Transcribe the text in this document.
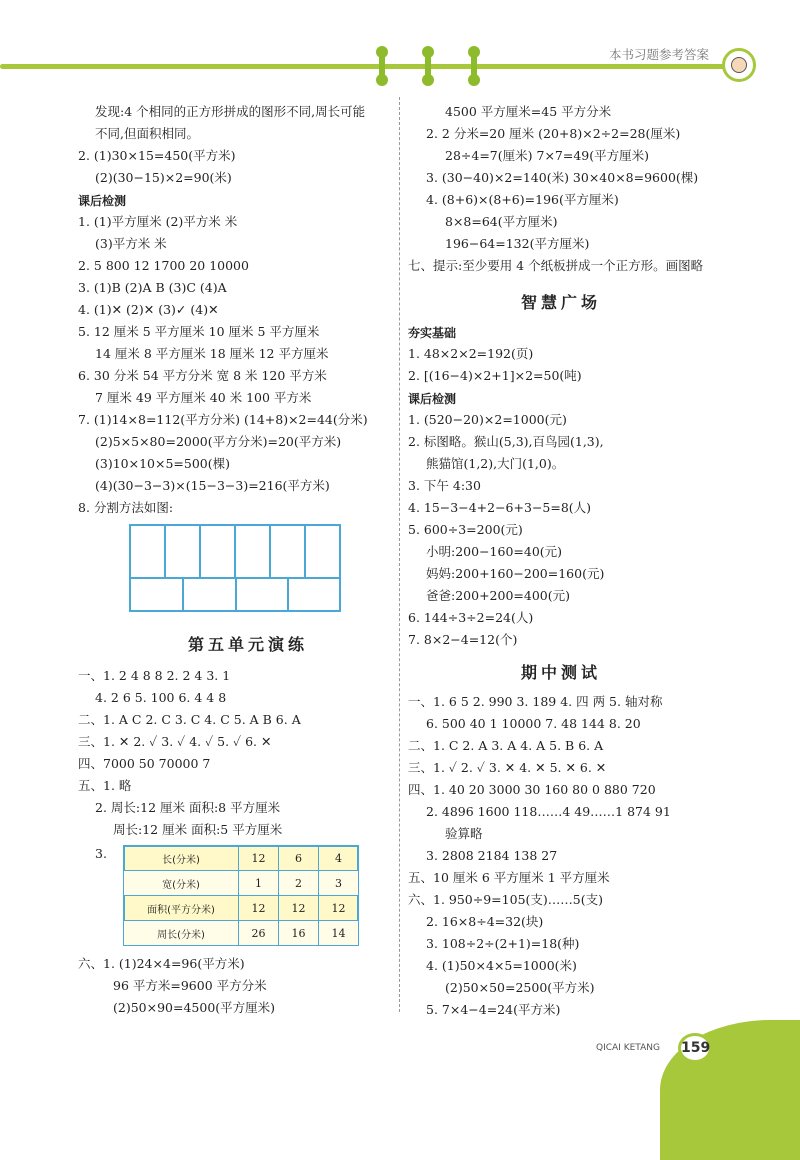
本书习题参考答案
发现:4 个相同的正方形拼成的图形不同,周长可能
不同,但面积相同。
2. (1)30×15=450(平方米)
(2)(30−15)×2=90(米)
课后检测
1. (1)平方厘米 (2)平方米 米
(3)平方米 米
2. 5 800 12 1700 20 10000
3. (1)B (2)A B (3)C (4)A
4. (1)✕ (2)✕ (3)✓ (4)✕
5. 12 厘米 5 平方厘米 10 厘米 5 平方厘米
14 厘米 8 平方厘米 18 厘米 12 平方厘米
6. 30 分米 54 平方分米 宽 8 米 120 平方米
7 厘米 49 平方厘米 40 米 100 平方米
7. (1)14×8=112(平方分米) (14+8)×2=44(分米)
(2)5×5×80=2000(平方分米)=20(平方米)
(3)10×10×5=500(棵)
(4)(30−3−3)×(15−3−3)=216(平方米)
8. 分割方法如图:
第五单元演练
一、1. 2 4 8 8 2. 2 4 3. 1
4. 2 6 5. 100 6. 4 4 8
二、1. A C 2. C 3. C 4. C 5. A B 6. A
三、1. ✕ 2. ✓ 3. ✓ 4. ✓ 5. ✓ 6. ✕
四、7000 50 70000 7
五、1. 略
2. 周长:12 厘米 面积:8 平方厘米
周长:12 厘米 面积:5 平方厘米
3.	长(分米)	12	6	4
宽(分米)	1	2	3
面积(平方分米)	12	12	12
周长(分米)	26	16	14
六、1. (1)24×4=96(平方米)
96 平方米=9600 平方分米
(2)50×90=4500(平方厘米)
4500 平方厘米=45 平方分米
2. 2 分米=20 厘米 (20+8)×2÷2=28(厘米)
28÷4=7(厘米) 7×7=49(平方厘米)
3. (30−40)×2=140(米) 30×40×8=9600(棵)
4. (8+6)×(8+6)=196(平方厘米)
8×8=64(平方厘米)
196−64=132(平方厘米)
七、提示:至少要用 4 个纸板拼成一个正方形。画图略
智慧广场
夯实基础
1. 48×2×2=192(页)
2. [(16−4)×2+1]×2=50(吨)
课后检测
1. (520−20)×2=1000(元)
2. 标图略。猴山(5,3),百鸟园(1,3),
熊猫馆(1,2),大门(1,0)。
3. 下午 4:30
4. 15−3−4+2−6+3−5=8(人)
5. 600÷3=200(元)
小明:200−160=40(元)
妈妈:200+160−200=160(元)
爸爸:200+200=400(元)
6. 144÷3÷2=24(人)
7. 8×2−4=12(个)
期中测试
一、1. 6 5 2. 990 3. 189 4. 四 两 5. 轴对称
6. 500 40 1 10000 7. 48 144 8. 20
二、1. C 2. A 3. A 4. A 5. B 6. A
三、1. ✓ 2. ✓ 3. ✕ 4. ✕ 5. ✕ 6. ✕
四、1. 40 20 3000 30 160 80 0 880 720
2. 4896 1600 118……4 49……1 874 91
验算略
3. 2808 2184 138 27
五、10 厘米 6 平方厘米 1 平方厘米
六、1. 950÷9=105(支)……5(支)
2. 16×8÷4=32(块)
3. 108÷2÷(2+1)=18(种)
4. (1)50×4×5=1000(米)
(2)50×50=2500(平方米)
5. 7×4−4=24(平方米)
QICAI KETANG 159
